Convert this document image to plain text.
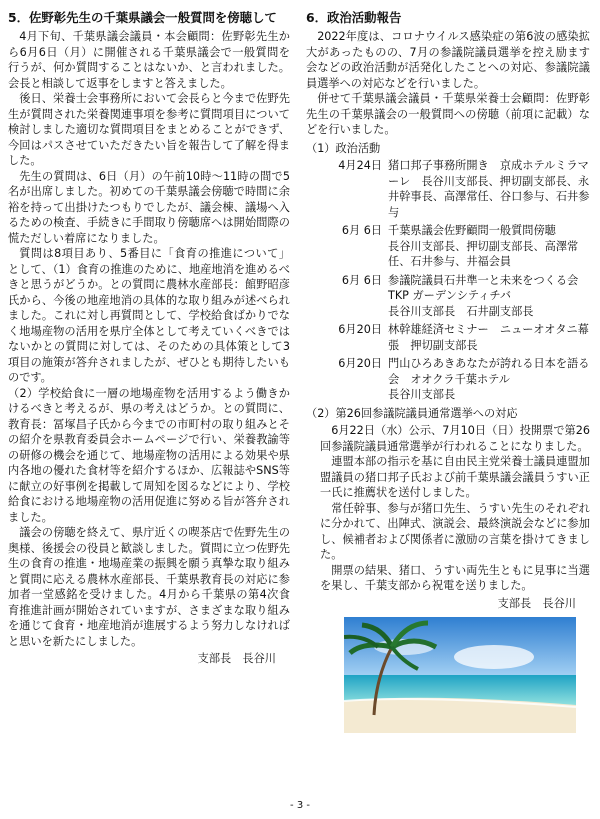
5．佐野彰先生の千葉県議会一般質問を傍聴して

4月下旬、千葉県議会議員・本会顧問：佐野彰先生から6月6日（月）に開催される千葉県議会で一般質問を行うが、何か質問することはないか、と言われました。会長と相談して返事をしますと答えました。

後日、栄養士会事務所において会長らと今まで佐野先生が質問された栄養関連事項を参考に質問項目について検討しました適切な質問項目をまとめることができず、今回はパスさせていただきたい旨を報告して了解を得ました。

先生の質問は、6日（月）の午前10時〜11時の間で5名が出席しました。初めての千葉県議会傍聴で時間に余裕を持って出掛けたつもりでしたが、議会棟、議場へ入るための検査、手続きに手間取り傍聴席へは開始間際の慌ただしい着席になりました。

質問は8項目あり、5番目に「食育の推進について」として、（1）食育の推進のために、地産地消を進めるべきと思うがどうか。との質問に農林水産部長：館野昭彦氏から、今後の地産地消の具体的な取り組みが述べられました。これに対し再質問として、学校給食ばかりでなく地場産物の活用を県庁全体として考えていくべきではないかとの質問に対しては、そのための具体策として3項目の施策が答弁されましたが、ぜひとも期待したいものです。

（2）学校給食に一層の地場産物を活用するよう働きかけるべきと考えるが、県の考えはどうか。との質問に、教育長：冨塚昌子氏から今までの市町村の取り組みとその紹介を県教育委員会ホームページで行い、栄養教諭等の研修の機会を通じて、地場産物の活用による効果や県内各地の優れた食材等を紹介するほか、広報誌やSNS等に献立の好事例を掲載して周知を図るなどにより、学校給食における地場産物の活用促進に努める旨が答弁されました。

議会の傍聴を終えて、県庁近くの喫茶店で佐野先生の奥様、後援会の役員と歓談しました。質問に立つ佐野先生の食育の推進・地場産業の振興を願う真摯な取り組みと質問に応える農林水産部長、千葉県教育長の対応に参加者一堂感銘を受けました。4月から千葉県の第4次食育推進計画が開始されていますが、さまざまな取り組みを通じて食育・地産地消が進展するよう努力しなければと思いを新たにしました。

支部長　長谷川
6．政治活動報告

2022年度は、コロナウイルス感染症の第6波の感染拡大があったものの、7月の参議院議員選挙を控え励ます会などの政治活動が活発化したことへの対応、参議院議員選挙への対応などを行いました。

併せて千葉県議会議員・千葉県栄養士会顧問：佐野彰先生の千葉県議会の一般質問への傍聴（前項に記載）などを行いました。

（1）政治活動
4月24日 猪口邦子事務所開き　京成ホテルミラマーレ　長谷川支部長、押切副支部長、永井幹事長、高澤常任、谷口参与、石井参与
6月 6日 千葉県議会佐野顧問一般質問傍聴
長谷川支部長、押切副支部長、高澤常任、石井参与、井福会員
6月 6日 参議院議員石井準一と未来をつくる会　TKP ガーデンシティチバ
長谷川支部長　石井副支部長
6月20日 林幹雄経済セミナー　ニューオオタニ幕張　押切副支部長
6月20日 門山ひろあきあなたが誇れる日本を語る会　オオクラ千葉ホテル
長谷川支部長
（2）第26回参議院議員通常選挙への対応

6月22日（水）公示、7月10日（日）投開票で第26回参議院議員通常選挙が行われることになりました。

連盟本部の指示を基に自由民主党栄養士議員連盟加盟議員の猪口邦子氏および前千葉県議会議員うすい正一氏に推薦状を送付しました。

常任幹事、参与が猪口先生、うすい先生のそれぞれに分かれて、出陣式、演説会、最終演説会などに参加し、候補者および関係者に激励の言葉を掛けてきました。

開票の結果、猪口、うすい両先生ともに見事に当選を果し、千葉支部から祝電を送りました。

支部長　長谷川
- 3 -
